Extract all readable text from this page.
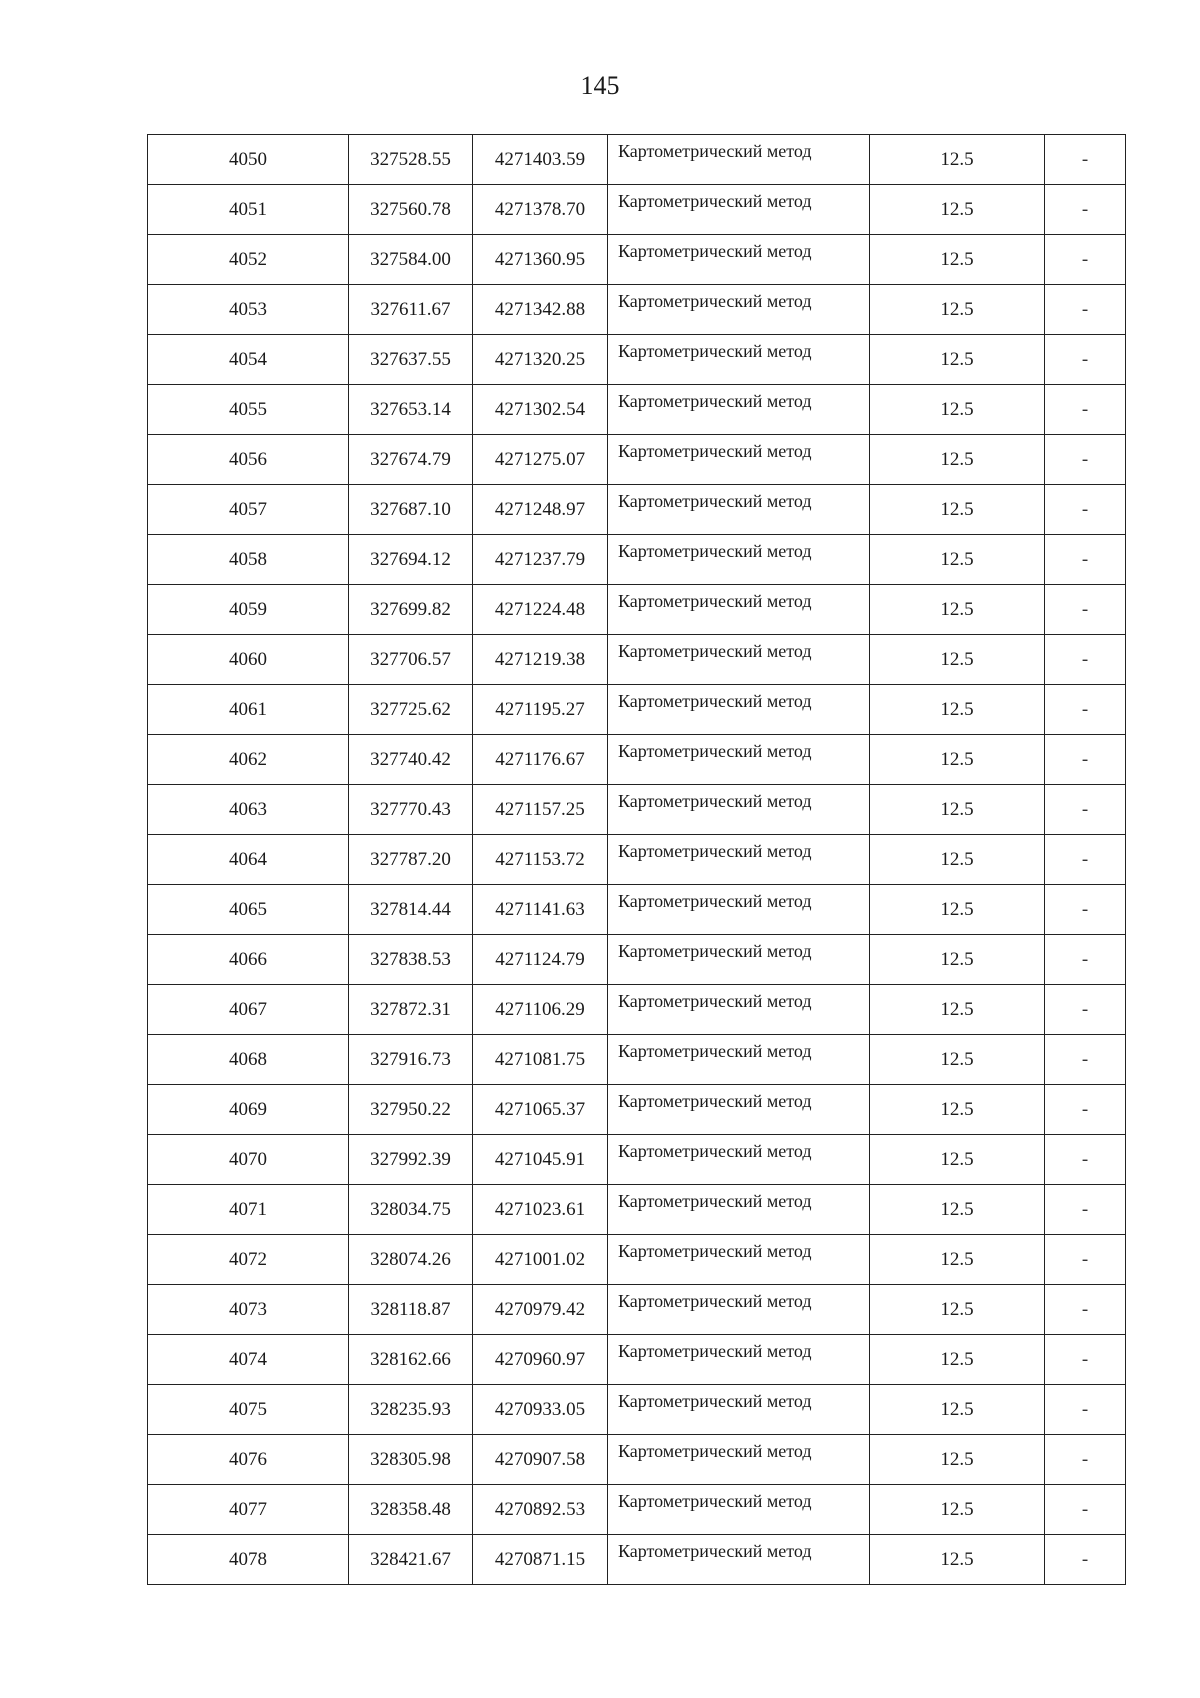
145
4050	327528.55	4271403.59	Картометрический метод	12.5	-
4051	327560.78	4271378.70	Картометрический метод	12.5	-
4052	327584.00	4271360.95	Картометрический метод	12.5	-
4053	327611.67	4271342.88	Картометрический метод	12.5	-
4054	327637.55	4271320.25	Картометрический метод	12.5	-
4055	327653.14	4271302.54	Картометрический метод	12.5	-
4056	327674.79	4271275.07	Картометрический метод	12.5	-
4057	327687.10	4271248.97	Картометрический метод	12.5	-
4058	327694.12	4271237.79	Картометрический метод	12.5	-
4059	327699.82	4271224.48	Картометрический метод	12.5	-
4060	327706.57	4271219.38	Картометрический метод	12.5	-
4061	327725.62	4271195.27	Картометрический метод	12.5	-
4062	327740.42	4271176.67	Картометрический метод	12.5	-
4063	327770.43	4271157.25	Картометрический метод	12.5	-
4064	327787.20	4271153.72	Картометрический метод	12.5	-
4065	327814.44	4271141.63	Картометрический метод	12.5	-
4066	327838.53	4271124.79	Картометрический метод	12.5	-
4067	327872.31	4271106.29	Картометрический метод	12.5	-
4068	327916.73	4271081.75	Картометрический метод	12.5	-
4069	327950.22	4271065.37	Картометрический метод	12.5	-
4070	327992.39	4271045.91	Картометрический метод	12.5	-
4071	328034.75	4271023.61	Картометрический метод	12.5	-
4072	328074.26	4271001.02	Картометрический метод	12.5	-
4073	328118.87	4270979.42	Картометрический метод	12.5	-
4074	328162.66	4270960.97	Картометрический метод	12.5	-
4075	328235.93	4270933.05	Картометрический метод	12.5	-
4076	328305.98	4270907.58	Картометрический метод	12.5	-
4077	328358.48	4270892.53	Картометрический метод	12.5	-
4078	328421.67	4270871.15	Картометрический метод	12.5	-
